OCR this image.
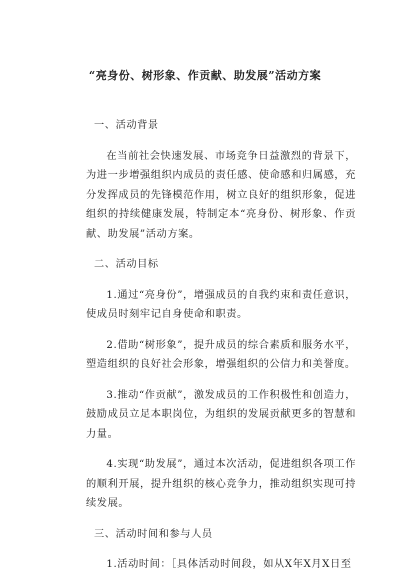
“亮身份、树形象、作贡献、助发展”活动方案

一、活动背景

在当前社会快速发展、市场竞争日益激烈的背景下，为进一步增强组织内成员的责任感、使命感和归属感，充分发挥成员的先锋模范作用，树立良好的组织形象，促进组织的持续健康发展，特制定本“亮身份、树形象、作贡献、助发展”活动方案。

二、活动目标

1.通过“亮身份”，增强成员的自我约束和责任意识，使成员时刻牢记自身使命和职责。

2.借助“树形象”，提升成员的综合素质和服务水平，塑造组织的良好社会形象，增强组织的公信力和美誉度。

3.推动“作贡献”，激发成员的工作积极性和创造力，鼓励成员立足本职岗位，为组织的发展贡献更多的智慧和力量。

4.实现“助发展”，通过本次活动，促进组织各项工作的顺利开展，提升组织的核心竞争力，推动组织实现可持续发展。

三、活动时间和参与人员

1.活动时间：［具体活动时间段，如从X年X月X日至
